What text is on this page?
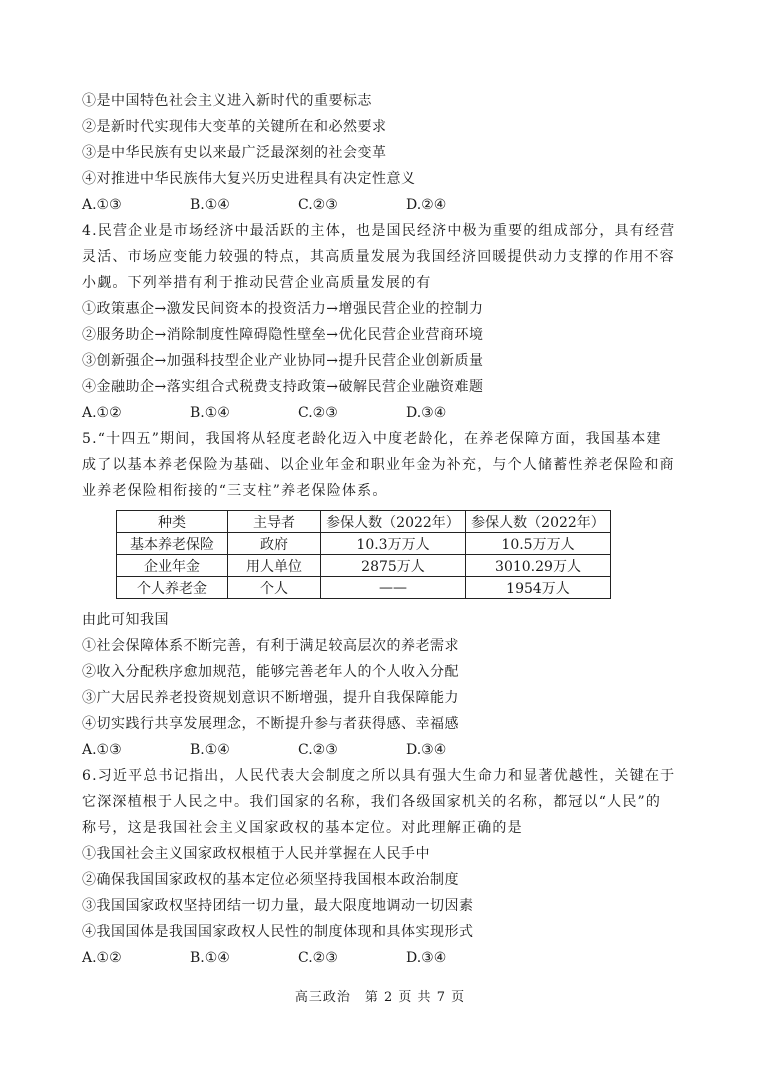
①是中国特色社会主义进入新时代的重要标志
②是新时代实现伟大变革的关键所在和必然要求
③是中华民族有史以来最广泛最深刻的社会变革
④对推进中华民族伟大复兴历史进程具有决定性意义
A.①③	B.①④	C.②③	D.②④
4.民营企业是市场经济中最活跃的主体，也是国民经济中极为重要的组成部分，具有经营
灵活、市场应变能力较强的特点，其高质量发展为我国经济回暖提供动力支撑的作用不容
小觑。下列举措有利于推动民营企业高质量发展的有
①政策惠企→激发民间资本的投资活力→增强民营企业的控制力
②服务助企→消除制度性障碍隐性壁垒→优化民营企业营商环境
③创新强企→加强科技型企业产业协同→提升民营企业创新质量
④金融助企→落实组合式税费支持政策→破解民营企业融资难题
A.①②	B.①④	C.②③	D.③④
5.“十四五”期间，我国将从轻度老龄化迈入中度老龄化，在养老保障方面，我国基本建
成了以基本养老保险为基础、以企业年金和职业年金为补充，与个人储蓄性养老保险和商
业养老保险相衔接的“三支柱”养老保险体系。
种类	主导者	参保人数（2022年）	参保人数（2022年）
基本养老保险	政府	10.3万万人	10.5万万人
企业年金	用人单位	2875万人	3010.29万人
个人养老金	个人	——	1954万人
由此可知我国
①社会保障体系不断完善，有利于满足较高层次的养老需求
②收入分配秩序愈加规范，能够完善老年人的个人收入分配
③广大居民养老投资规划意识不断增强，提升自我保障能力
④切实践行共享发展理念，不断提升参与者获得感、幸福感
A.①③	B.①④	C.②③	D.③④
6.习近平总书记指出，人民代表大会制度之所以具有强大生命力和显著优越性，关键在于
它深深植根于人民之中。我们国家的名称，我们各级国家机关的名称，都冠以“人民”的
称号，这是我国社会主义国家政权的基本定位。对此理解正确的是
①我国社会主义国家政权根植于人民并掌握在人民手中
②确保我国国家政权的基本定位必须坚持我国根本政治制度
③我国国家政权坚持团结一切力量，最大限度地调动一切因素
④我国国体是我国国家政权人民性的制度体现和具体实现形式
A.①②	B.①④	C.②③	D.③④
高三政治　第 2 页 共 7 页
